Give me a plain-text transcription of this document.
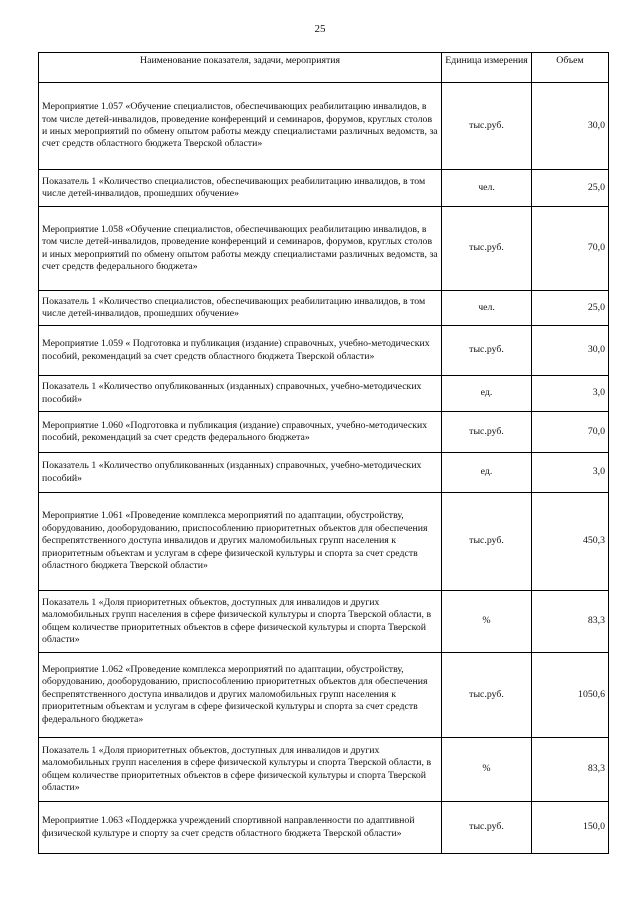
25
Наименование показателя, задачи, мероприятия	Единица измерения	Объем
Мероприятие 1.057 «Обучение специалистов, обеспечивающих реабилитацию инвалидов, в том числе детей-инвалидов, проведение конференций и семинаров, форумов, круглых столов и иных мероприятий по обмену опытом работы между специалистами различных ведомств, за счет средств областного бюджета Тверской области»	тыс.руб.	30,0
Показатель 1 «Количество специалистов, обеспечивающих реабилитацию инвалидов, в том числе детей-инвалидов, прошедших обучение»	чел.	25,0
Мероприятие 1.058 «Обучение специалистов, обеспечивающих реабилитацию инвалидов, в том числе детей-инвалидов, проведение конференций и семинаров, форумов, круглых столов и иных мероприятий по обмену опытом работы между специалистами различных ведомств, за счет средств федерального бюджета»	тыс.руб.	70,0
Показатель 1 «Количество специалистов, обеспечивающих реабилитацию инвалидов, в том числе детей-инвалидов, прошедших обучение»	чел.	25,0
Мероприятие 1.059 « Подготовка и публикация (издание) справочных, учебно-методических пособий, рекомендаций за счет средств областного бюджета Тверской области»	тыс.руб.	30,0
Показатель 1 «Количество опубликованных (изданных) справочных, учебно-методических пособий»	ед.	3,0
Мероприятие 1.060 «Подготовка и публикация (издание) справочных, учебно-методических пособий, рекомендаций за счет средств федерального бюджета»	тыс.руб.	70,0
Показатель 1 «Количество опубликованных (изданных) справочных, учебно-методических пособий»	ед.	3,0
Мероприятие 1.061 «Проведение комплекса мероприятий по адаптации, обустройству, оборудованию, дооборудованию, приспособлению приоритетных объектов для обеспечения беспрепятственного доступа инвалидов и других маломобильных групп населения к приоритетным объектам и услугам в сфере физической культуры и спорта за счет средств областного бюджета Тверской области»	тыс.руб.	450,3
Показатель 1 «Доля приоритетных объектов, доступных для инвалидов и других маломобильных групп населения в сфере физической культуры и спорта Тверской области, в общем количестве приоритетных объектов в сфере физической культуры и спорта Тверской области»	%	83,3
Мероприятие 1.062 «Проведение комплекса мероприятий по адаптации, обустройству, оборудованию, дооборудованию, приспособлению приоритетных объектов для обеспечения беспрепятственного доступа инвалидов и других маломобильных групп населения к приоритетным объектам и услугам в сфере физической культуры и спорта за счет средств федерального бюджета»	тыс.руб.	1050,6
Показатель 1 «Доля приоритетных объектов, доступных для инвалидов и других маломобильных групп населения в сфере физической культуры и спорта Тверской области, в общем количестве приоритетных объектов в сфере физической культуры и спорта Тверской области»	%	83,3
Мероприятие 1.063 «Поддержка учреждений спортивной направленности по адаптивной физической культуре и спорту за счет средств областного бюджета Тверской области»	тыс.руб.	150,0
